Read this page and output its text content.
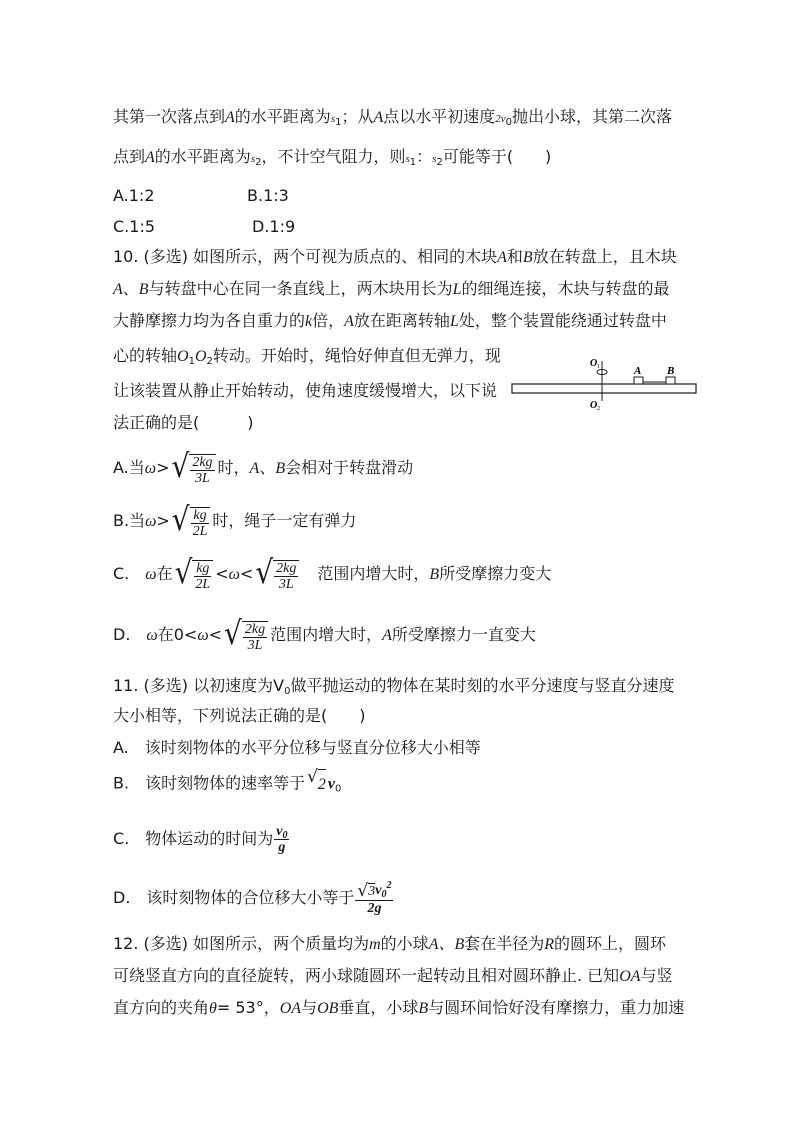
其第一次落点到A的水平距离为$s_1$；从A点以水平初速度$2v_0$抛出小球，其第二次落
点到A的水平距离为$s_2$，不计空气阻力，则$s_1$：$s_2$可能等于(　　)
A.1:2	B.1:3
C.1:5	D.1:9
10. (多选) 如图所示，两个可视为质点的、相同的木块A和B放在转盘上，且木块
A、B与转盘中心在同一条直线上，两木块用长为L的细绳连接，木块与转盘的最
大静摩擦力均为各自重力的k倍，A放在距离转轴L处，整个装置能绕通过转盘中
心的转轴$O_1O_2$转动。开始时，绳恰好伸直但无弹力，现
让该装置从静止开始转动，使角速度缓慢增大，以下说
法正确的是(　　　)
O 1
O 2
A B
A.当ω> √ $\frac{2kg}{3L}$ 时，A、B会相对于转盘滑动
B.当ω> √ $\frac{kg}{2L}$ 时，绳子一定有弹力
C.　ω在 √ $\frac{kg}{2L} <\omega<$ √ $\frac{2kg}{3L}$ 　范围内增大时，B所受摩擦力变大
D.　ω在0<ω< √ $\frac{2kg}{3L}$ 范围内增大时，A所受摩擦力一直变大
11. (多选) 以初速度为$V_0$做平抛运动的物体在某时刻的水平分速度与竖直分速度
大小相等，下列说法正确的是(　　)
A.　该时刻物体的水平分位移与竖直分位移大小相等
B.　该时刻物体的速率等于 √ 2 $v_0$
C.　物体运动的时间为 $\frac{v_0}{g}$
D.　该时刻物体的合位移大小等于 $\frac{√ 3 v_0^2}{2g}$
12. (多选) 如图所示，两个质量均为m的小球A、B套在半径为R的圆环上，圆环
可绕竖直方向的直径旋转，两小球随圆环一起转动且相对圆环静止. 已知OA与竖
直方向的夹角θ= 53°，OA与OB垂直，小球B与圆环间恰好没有摩擦力，重力加速
